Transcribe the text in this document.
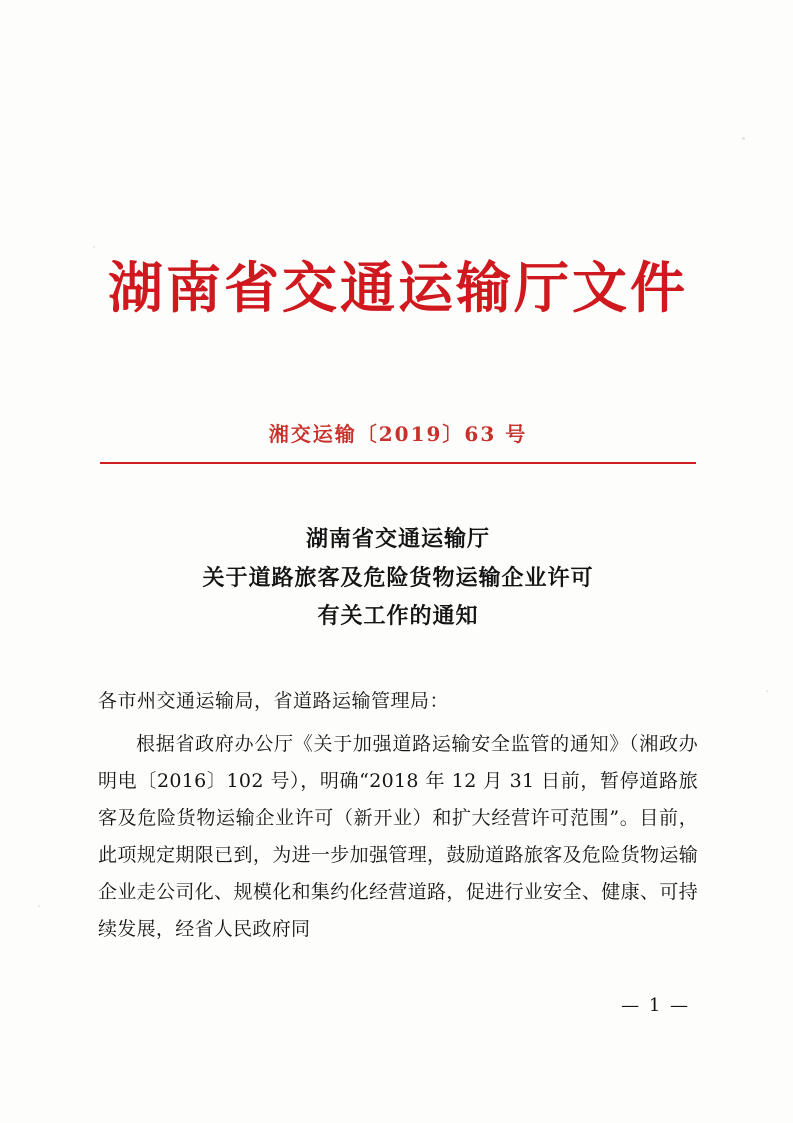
湖南省交通运输厅文件
湘交运输〔2019〕63 号
湖南省交通运输厅
关于道路旅客及危险货物运输企业许可
有关工作的通知
各市州交通运输局，省道路运输管理局：
根据省政府办公厅《关于加强道路运输安全监管的通知》（湘政办明电〔2016〕102 号），明确“2018 年 12 月 31 日前，暂停道路旅客及危险货物运输企业许可（新开业）和扩大经营许可范围”。目前，此项规定期限已到，为进一步加强管理，鼓励道路旅客及危险货物运输企业走公司化、规模化和集约化经营道路，促进行业安全、健康、可持续发展，经省人民政府同
— 1 —
